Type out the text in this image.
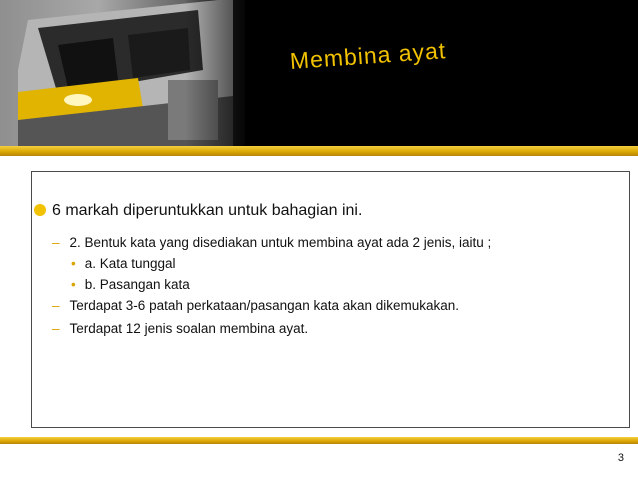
Membina ayat
6 markah diperuntukkan untuk bahagian ini.
– 2. Bentuk kata yang disediakan untuk membina ayat ada 2 jenis, iaitu ;
• a. Kata tunggal
• b. Pasangan kata
– Terdapat 3-6 patah perkataan/pasangan kata akan dikemukakan.
– Terdapat 12 jenis soalan membina ayat.
3
